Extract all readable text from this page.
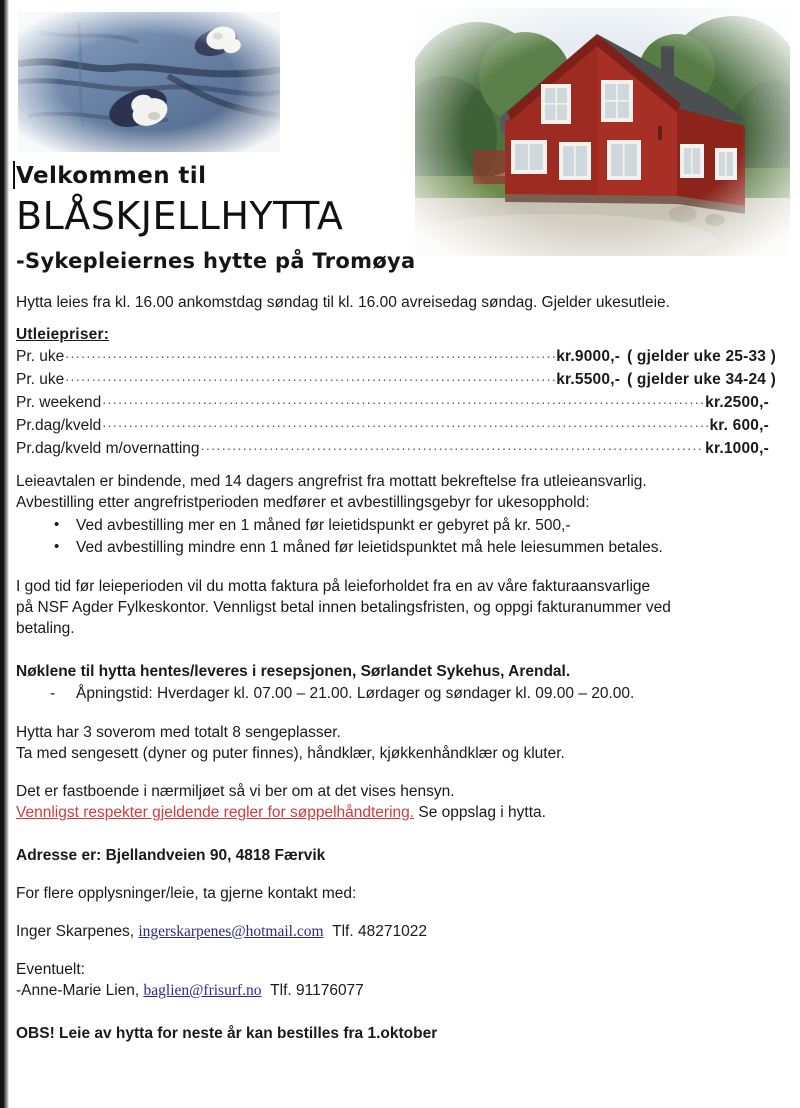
Velkommen til
BLÅSKJELLHYTTA
-Sykepleiernes hytte på Tromøya
Hytta leies fra kl. 16.00 ankomstdag søndag til kl. 16.00 avreisedag søndag. Gjelder ukesutleie.
Utleiepriser:
Pr. uke .....	kr.9000,- ( gjelder uke 25-33 )
Pr. uke .....	kr.5500,- ( gjelder uke 34-24 )
Pr. weekend .....	kr.2500,-
Pr.dag/kveld .....	kr. 600,-
Pr.dag/kveld m/overnatting .....	kr.1000,-
Leieavtalen er bindende, med 14 dagers angrefrist fra mottatt bekreftelse fra utleieansvarlig.
Avbestilling etter angrefristperioden medfører et avbestillingsgebyr for ukesopphold:
• Ved avbestilling mer en 1 måned før leietidspunkt er gebyret på kr. 500,-
• Ved avbestilling mindre enn 1 måned før leietidspunktet må hele leiesummen betales.
I god tid før leieperioden vil du motta faktura på leieforholdet fra en av våre fakturaansvarlige
på NSF Agder Fylkeskontor. Vennligst betal innen betalingsfristen, og oppgi fakturanummer ved
betaling.
Nøklene til hytta hentes/leveres i resepsjonen, Sørlandet Sykehus, Arendal.
- Åpningstid: Hverdager kl. 07.00 – 21.00. Lørdager og søndager kl. 09.00 – 20.00.
Hytta har 3 soverom med totalt 8 sengeplasser.
Ta med sengesett (dyner og puter finnes), håndklær, kjøkkenhåndklær og kluter.
Det er fastboende i nærmiljøet så vi ber om at det vises hensyn.
Vennligst respekter gjeldende regler for søppelhåndtering. Se oppslag i hytta.
Adresse er: Bjellandveien 90, 4818 Færvik
For flere opplysninger/leie, ta gjerne kontakt med:
Inger Skarpenes, ingerskarpenes@hotmail.com Tlf. 48271022
Eventuelt:
-Anne-Marie Lien, baglien@frisurf.no Tlf. 91176077
OBS! Leie av hytta for neste år kan bestilles fra 1.oktober
